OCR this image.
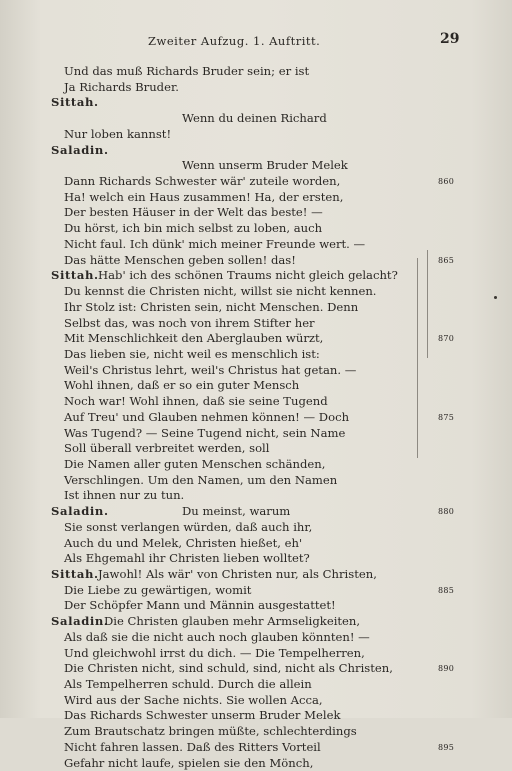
Zweiter Aufzug. 1. Auftritt.	29
Und das muß Richards Bruder sein; er ist
Ja Richards Bruder.
Sittah.
Wenn du deinen Richard
Nur loben kannst!
Saladin.
Wenn unserm Bruder Melek
Dann Richards Schwester wär' zuteile worden,	860
Ha! welch ein Haus zusammen! Ha, der ersten,
Der besten Häuser in der Welt das beste! —
Du hörst, ich bin mich selbst zu loben, auch
Nicht faul. Ich dünk' mich meiner Freunde wert. —
Das hätte Menschen geben sollen! das!	865
Sittah. Hab' ich des schönen Traums nicht gleich gelacht?
Du kennst die Christen nicht, willst sie nicht kennen.
Ihr Stolz ist: Christen sein, nicht Menschen. Denn
Selbst das, was noch von ihrem Stifter her
Mit Menschlichkeit den Aberglauben würzt,	870
Das lieben sie, nicht weil es menschlich ist:
Weil's Christus lehrt, weil's Christus hat getan. —
Wohl ihnen, daß er so ein guter Mensch
Noch war! Wohl ihnen, daß sie seine Tugend
Auf Treu' und Glauben nehmen können! — Doch	875
Was Tugend? — Seine Tugend nicht, sein Name
Soll überall verbreitet werden, soll
Die Namen aller guten Menschen schänden,
Verschlingen. Um den Namen, um den Namen
Ist ihnen nur zu tun.
Saladin.	Du meinst, warum	880
Sie sonst verlangen würden, daß auch ihr,
Auch du und Melek, Christen hießet, eh'
Als Ehgemahl ihr Christen lieben wolltet?
Sittah. Jawohl! Als wär' von Christen nur, als Christen,
Die Liebe zu gewärtigen, womit	885
Der Schöpfer Mann und Männin ausgestattet!
Saladin.
Die Christen glauben mehr Armseligkeiten,
Als daß sie die nicht auch noch glauben könnten! —
Und gleichwohl irrst du dich. — Die Tempelherren,
Die Christen nicht, sind schuld, sind, nicht als Christen,	890
Als Tempelherren schuld. Durch die allein
Wird aus der Sache nichts. Sie wollen Acca,
Das Richards Schwester unserm Bruder Melek
Zum Brautschatz bringen müßte, schlechterdings
Nicht fahren lassen. Daß des Ritters Vorteil	895
Gefahr nicht laufe, spielen sie den Mönch,
